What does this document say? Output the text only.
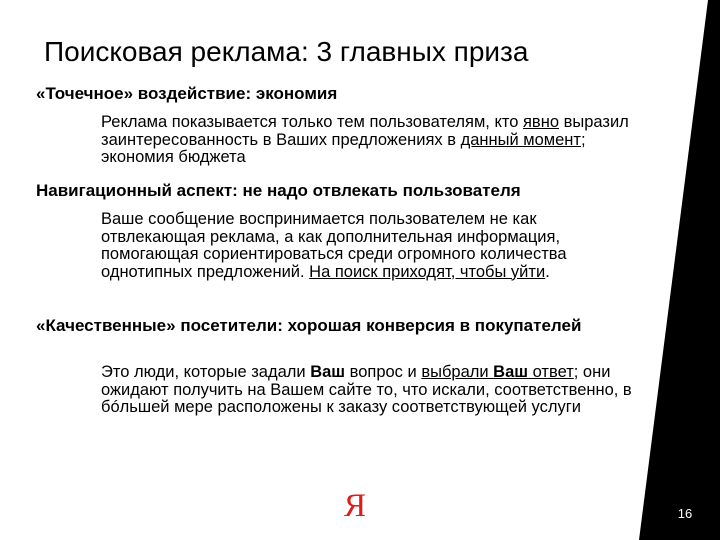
Поисковая реклама: 3 главных приза
«Точечное» воздействие: экономия
Реклама показывается только тем пользователям, кто явно выразил заинтересованность в Ваших предложениях в данный момент; экономия бюджета
Навигационный аспект: не надо отвлекать пользователя
Ваше сообщение воспринимается пользователем не как отвлекающая реклама, а как дополнительная информация, помогающая сориентироваться среди огромного количества однотипных предложений. На поиск приходят, чтобы уйти.
«Качественные» посетители: хорошая конверсия в покупателей
Это люди, которые задали Ваш вопрос и выбрали Ваш ответ; они ожидают получить на Вашем сайте то, что искали, соответственно, в бóльшей мере расположены к заказу соответствующей услуги
Я	16
